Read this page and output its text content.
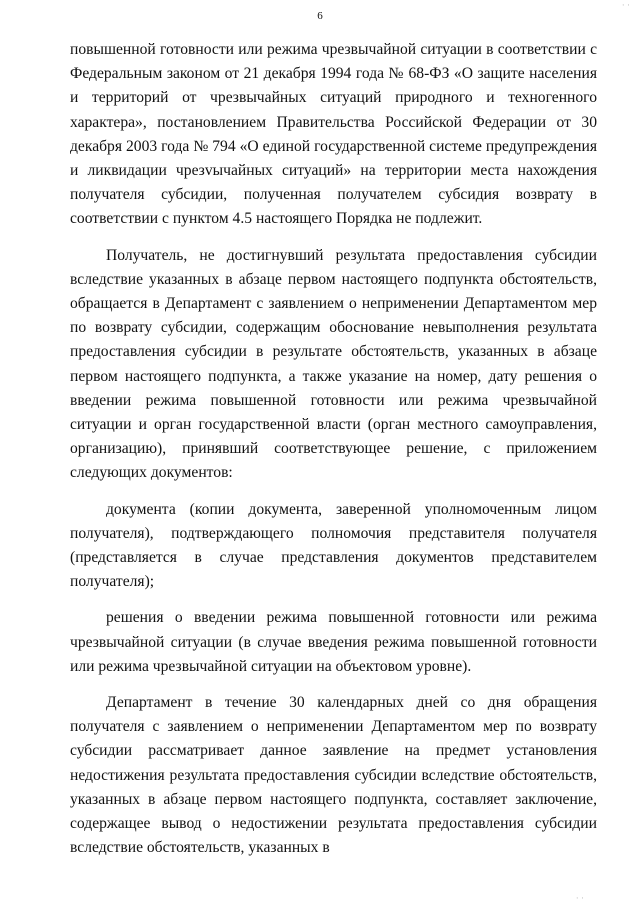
6
· ·

повышенной готовности или режима чрезвычайной ситуации в соответствии с Федеральным законом от 21 декабря 1994 года № 68-ФЗ «О защите населения и территорий от чрезвычайных ситуаций природного и техногенного характера», постановлением Правительства Российской Федерации от 30 декабря 2003 года № 794 «О единой государственной системе предупреждения и ликвидации чрезvычайных ситуаций» на территории места нахождения получателя субсидии, полученная получателем субсидия возврату в соответствии с пунктом 4.5 настоящего Порядка не подлежит.

Получатель, не достигнувший результата предоставления субсидии вследствие указанных в абзаце первом настоящего подпункта обстоятельств, обращается в Департамент с заявлением о неприменении Департаментом мер по возврату субсидии, содержащим обоснование невыполнения результата предоставления субсидии в результате обстоятельств, указанных в абзаце первом настоящего подпункта, а также указание на номер, дату решения о введении режима повышенной готовности или режима чрезвычайной ситуации и орган государственной власти (орган местного самоуправления, организацию), принявший соответствующее решение, с приложением следующих документов:

документа (копии документа, заверенной уполномоченным лицом получателя), подтверждающего полномочия представителя получателя (представляется в случае представления документов представителем получателя);

решения о введении режима повышенной готовности или режима чрезвычайной ситуации (в случае введения режима повышенной готовности или режима чрезвычайной ситуации на объектовом уровне).

Департамент в течение 30 календарных дней со дня обращения получателя с заявлением о неприменении Департаментом мер по возврату субсидии рассматривает данное заявление на предмет установления недостижения результата предоставления субсидии вследствие обстоятельств, указанных в абзаце первом настоящего подпункта, составляет заключение, содержащее вывод о недостижении результата предоставления субсидии вследствие обстоятельств, указанных в

· ·
